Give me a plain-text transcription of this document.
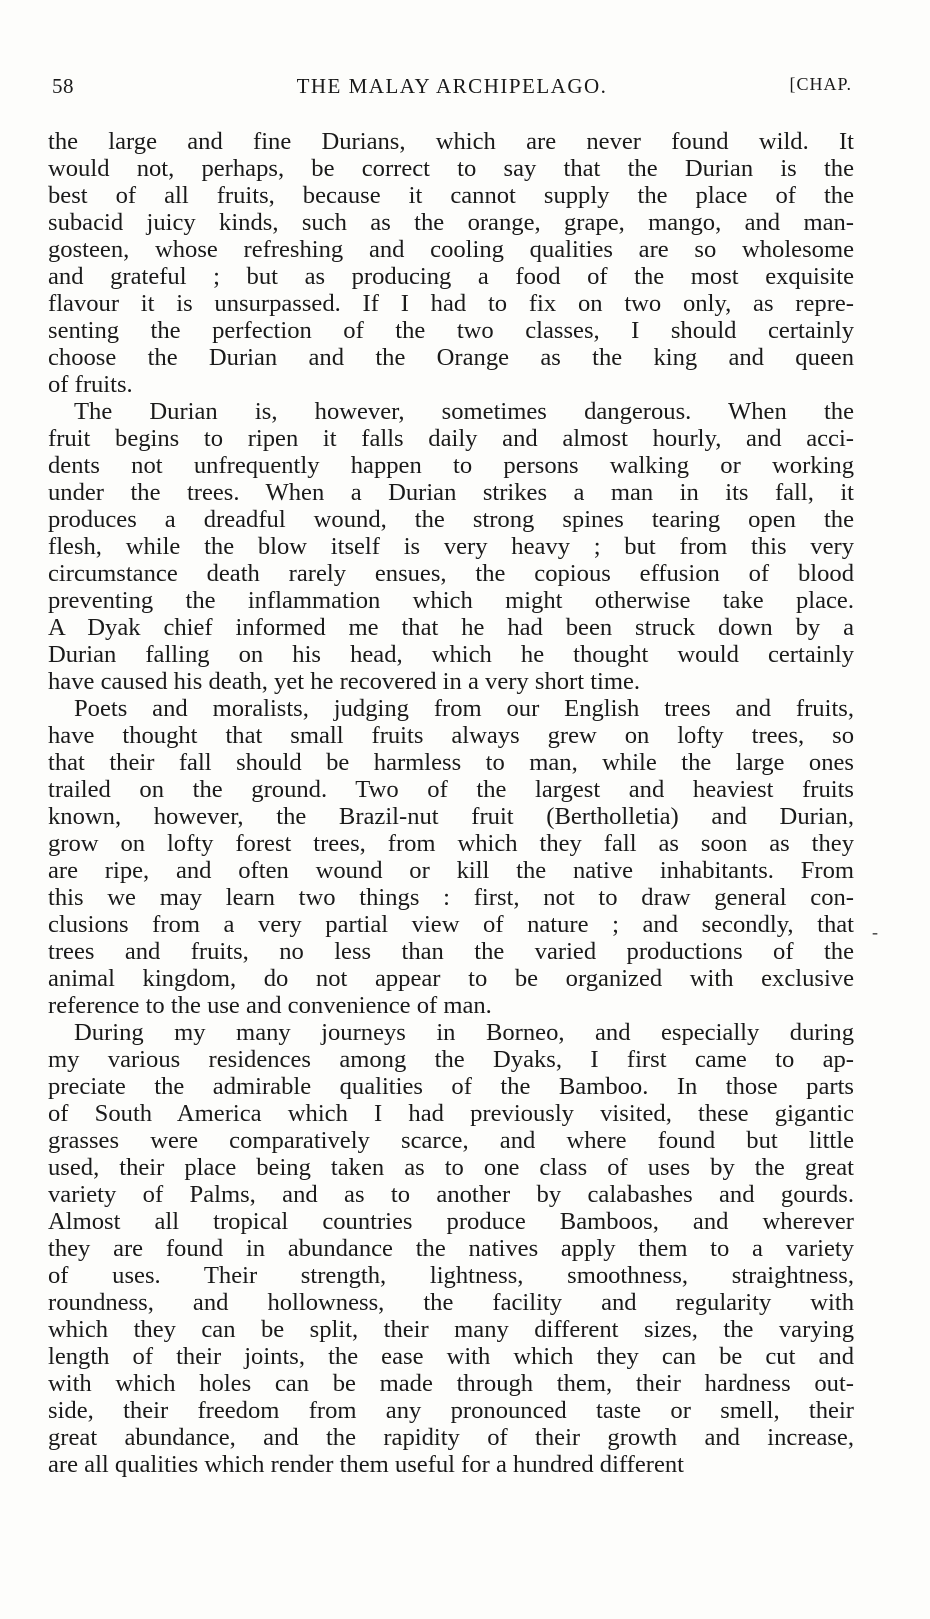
58	THE MALAY ARCHIPELAGO.	[CHAP.
the large and fine Durians, which are never found wild. It
would not, perhaps, be correct to say that the Durian is the
best of all fruits, because it cannot supply the place of the
subacid juicy kinds, such as the orange, grape, mango, and man-
gosteen, whose refreshing and cooling qualities are so wholesome
and grateful ; but as producing a food of the most exquisite
flavour it is unsurpassed. If I had to fix on two only, as repre-
senting the perfection of the two classes, I should certainly
choose the Durian and the Orange as the king and queen
of fruits.
The Durian is, however, sometimes dangerous. When the
fruit begins to ripen it falls daily and almost hourly, and acci-
dents not unfrequently happen to persons walking or working
under the trees. When a Durian strikes a man in its fall, it
produces a dreadful wound, the strong spines tearing open the
flesh, while the blow itself is very heavy ; but from this very
circumstance death rarely ensues, the copious effusion of blood
preventing the inflammation which might otherwise take place.
A Dyak chief informed me that he had been struck down by a
Durian falling on his head, which he thought would certainly
have caused his death, yet he recovered in a very short time.
Poets and moralists, judging from our English trees and fruits,
have thought that small fruits always grew on lofty trees, so
that their fall should be harmless to man, while the large ones
trailed on the ground. Two of the largest and heaviest fruits
known, however, the Brazil-nut fruit (Bertholletia) and Durian,
grow on lofty forest trees, from which they fall as soon as they
are ripe, and often wound or kill the native inhabitants. From
this we may learn two things : first, not to draw general con-
clusions from a very partial view of nature ; and secondly, that
trees and fruits, no less than the varied productions of the
animal kingdom, do not appear to be organized with exclusive
reference to the use and convenience of man.
During my many journeys in Borneo, and especially during
my various residences among the Dyaks, I first came to ap-
preciate the admirable qualities of the Bamboo. In those parts
of South America which I had previously visited, these gigantic
grasses were comparatively scarce, and where found but little
used, their place being taken as to one class of uses by the great
variety of Palms, and as to another by calabashes and gourds.
Almost all tropical countries produce Bamboos, and wherever
they are found in abundance the natives apply them to a variety
of uses. Their strength, lightness, smoothness, straightness,
roundness, and hollowness, the facility and regularity with
which they can be split, their many different sizes, the varying
length of their joints, the ease with which they can be cut and
with which holes can be made through them, their hardness out-
side, their freedom from any pronounced taste or smell, their
great abundance, and the rapidity of their growth and increase,
are all qualities which render them useful for a hundred different
-
